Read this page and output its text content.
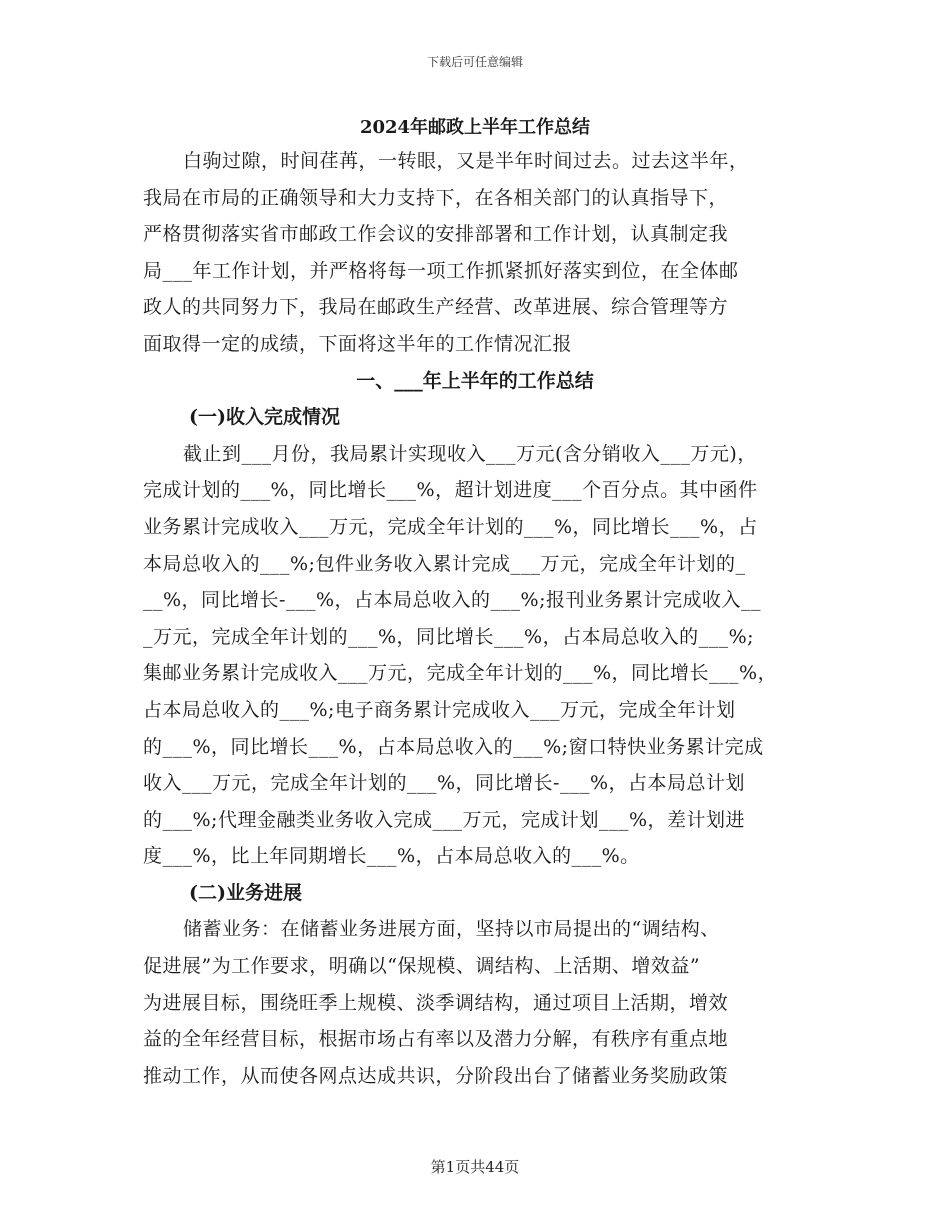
下载后可任意编辑
2024年邮政上半年工作总结
白驹过隙，时间荏苒，一转眼，又是半年时间过去。过去这半年，
我局在市局的正确领导和大力支持下，在各相关部门的认真指导下，
严格贯彻落实省市邮政工作会议的安排部署和工作计划，认真制定我
局___年工作计划，并严格将每一项工作抓紧抓好落实到位，在全体邮
政人的共同努力下，我局在邮政生产经营、改革进展、综合管理等方
面取得一定的成绩，下面将这半年的工作情况汇报
一、___年上半年的工作总结
(一)收入完成情况
截止到___月份，我局累计实现收入___万元(含分销收入___万元)，
完成计划的___%，同比增长___%，超计划进度___个百分点。其中函件
业务累计完成收入___万元，完成全年计划的___%，同比增长___%，占
本局总收入的___%;包件业务收入累计完成___万元，完成全年计划的_
__%，同比增长-___%，占本局总收入的___%;报刊业务累计完成收入__
_万元，完成全年计划的___%，同比增长___%，占本局总收入的___%;
集邮业务累计完成收入___万元，完成全年计划的___%，同比增长___%，
占本局总收入的___%;电子商务累计完成收入___万元，完成全年计划
的___%，同比增长___%，占本局总收入的___%;窗口特快业务累计完成
收入___万元，完成全年计划的___%，同比增长-___%，占本局总计划
的___%;代理金融类业务收入完成___万元，完成计划___%，差计划进
度___%，比上年同期增长___%，占本局总收入的___%。
(二)业务进展
储蓄业务：在储蓄业务进展方面，坚持以市局提出的“调结构、
促进展”为工作要求，明确以“保规模、调结构、上活期、增效益”
为进展目标，围绕旺季上规模、淡季调结构，通过项目上活期，增效
益的全年经营目标，根据市场占有率以及潜力分解，有秩序有重点地
推动工作，从而使各网点达成共识，分阶段出台了储蓄业务奖励政策
第1页共44页
